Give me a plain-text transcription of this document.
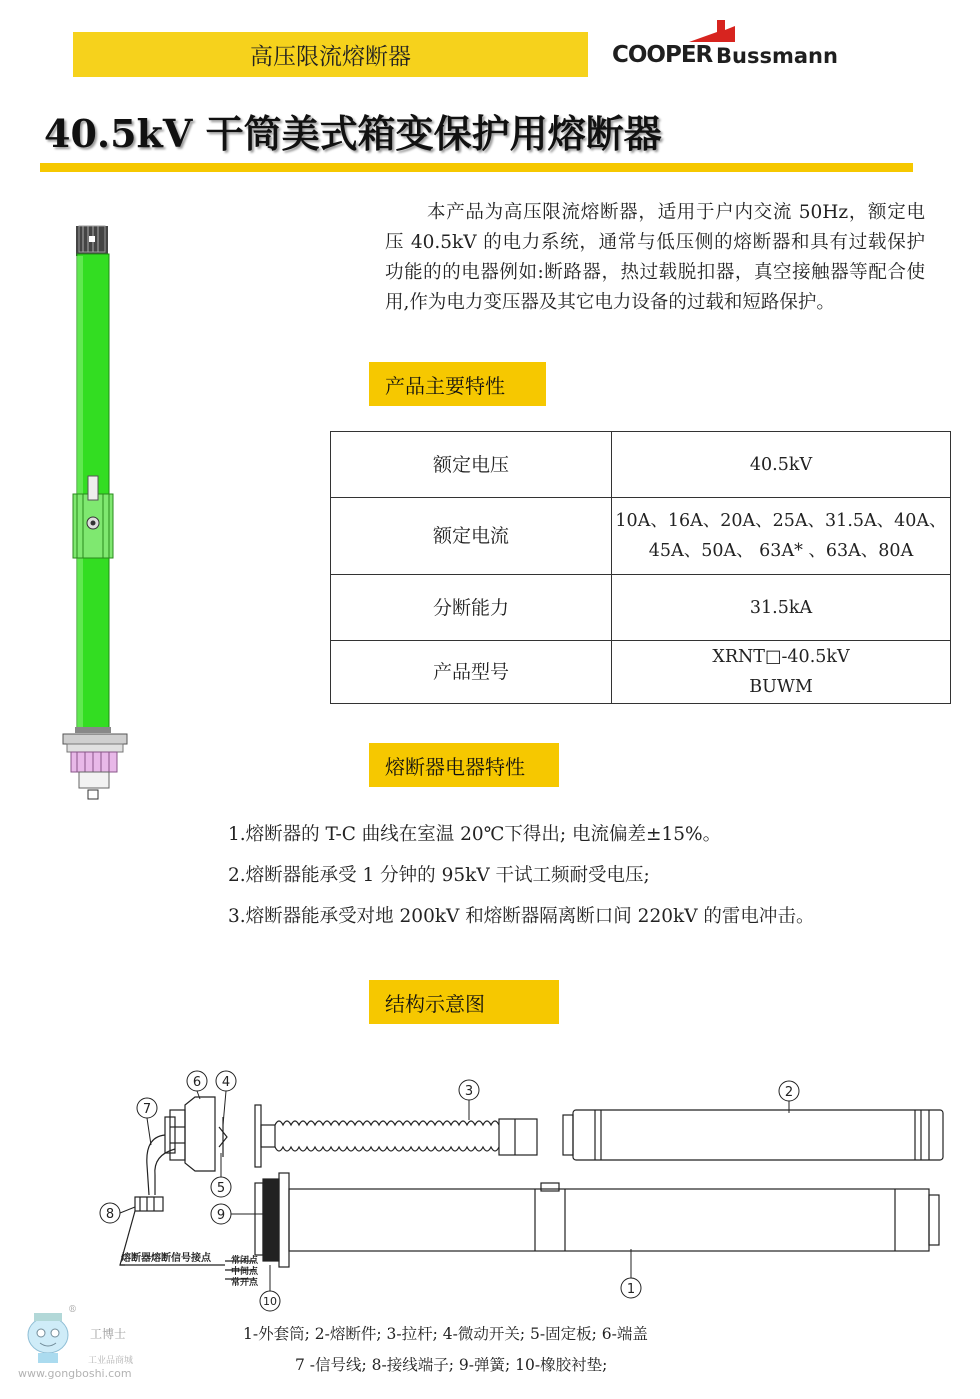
高压限流熔断器	COOPER Bussmann
40.5kV 干筒美式箱变保护用熔断器
本产品为高压限流熔断器，适用于户内交流 50Hz，额定电压 40.5kV 的电力系统，通常与低压侧的熔断器和具有过载保护功能的的电器例如:断路器，热过载脱扣器，真空接触器等配合使用,作为电力变压器及其它电力设备的过载和短路保护。
产品主要特性
额定电压	40.5kV

额定电流	10A、16A、20A、25A、31.5A、40A、
45A、50A、 63A* 、63A、80A

分断能力	31.5kA

产品型号	XRNT□-40.5kV
BUWM
熔断器电器特性
1.熔断器的 T-C 曲线在室温 20℃下得出; 电流偏差±15%。
2.熔断器能承受 1 分钟的 95kV 干试工频耐受电压;
3.熔断器能承受对地 200kV 和熔断器隔离断口间 220kV 的雷电冲击。
结构示意图
1
2
3
4
5
6
7
8	9
10
熔断器熔断信号接点 常闭点
中间点
常开点
1-外套筒; 2-熔断件; 3-拉杆; 4-微动开关; 5-固定板; 6-端盖
7 -信号线; 8-接线端子; 9-弹簧; 10-橡胶衬垫;
®
工博士
工业品商城
www.gongboshi.com
